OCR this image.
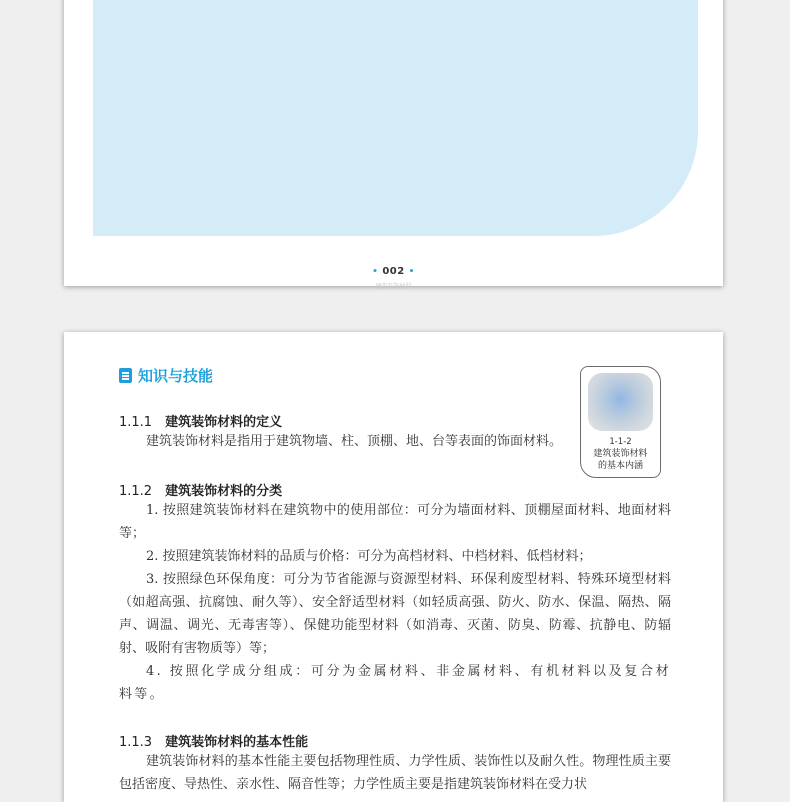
• 002 •
建筑装饰材料
知识与技能
1-1-2
建筑装饰材料
的基本内涵
1.1.1 建筑装饰材料的定义
建筑装饰材料是指用于建筑物墙、柱、顶棚、地、台等表面的饰面材料。
1.1.2 建筑装饰材料的分类
1. 按照建筑装饰材料在建筑物中的使用部位：可分为墙面材料、顶棚屋面材料、地面材料等；
2. 按照建筑装饰材料的品质与价格：可分为高档材料、中档材料、低档材料；
3. 按照绿色环保角度：可分为节省能源与资源型材料、环保利废型材料、特殊环境型材料（如超高强、抗腐蚀、耐久等）、安全舒适型材料（如轻质高强、防火、防水、保温、隔热、隔声、调温、调光、无毒害等）、保健功能型材料（如消毒、灭菌、防臭、防霉、抗静电、防辐射、吸附有害物质等）等；
4. 按照化学成分组成：可分为金属材料、非金属材料、有机材料以及复合材料等。
1.1.3 建筑装饰材料的基本性能
建筑装饰材料的基本性能主要包括物理性质、力学性质、装饰性以及耐久性。物理性质主要包括密度、导热性、亲水性、隔音性等；力学性质主要是指建筑装饰材料在受力状
